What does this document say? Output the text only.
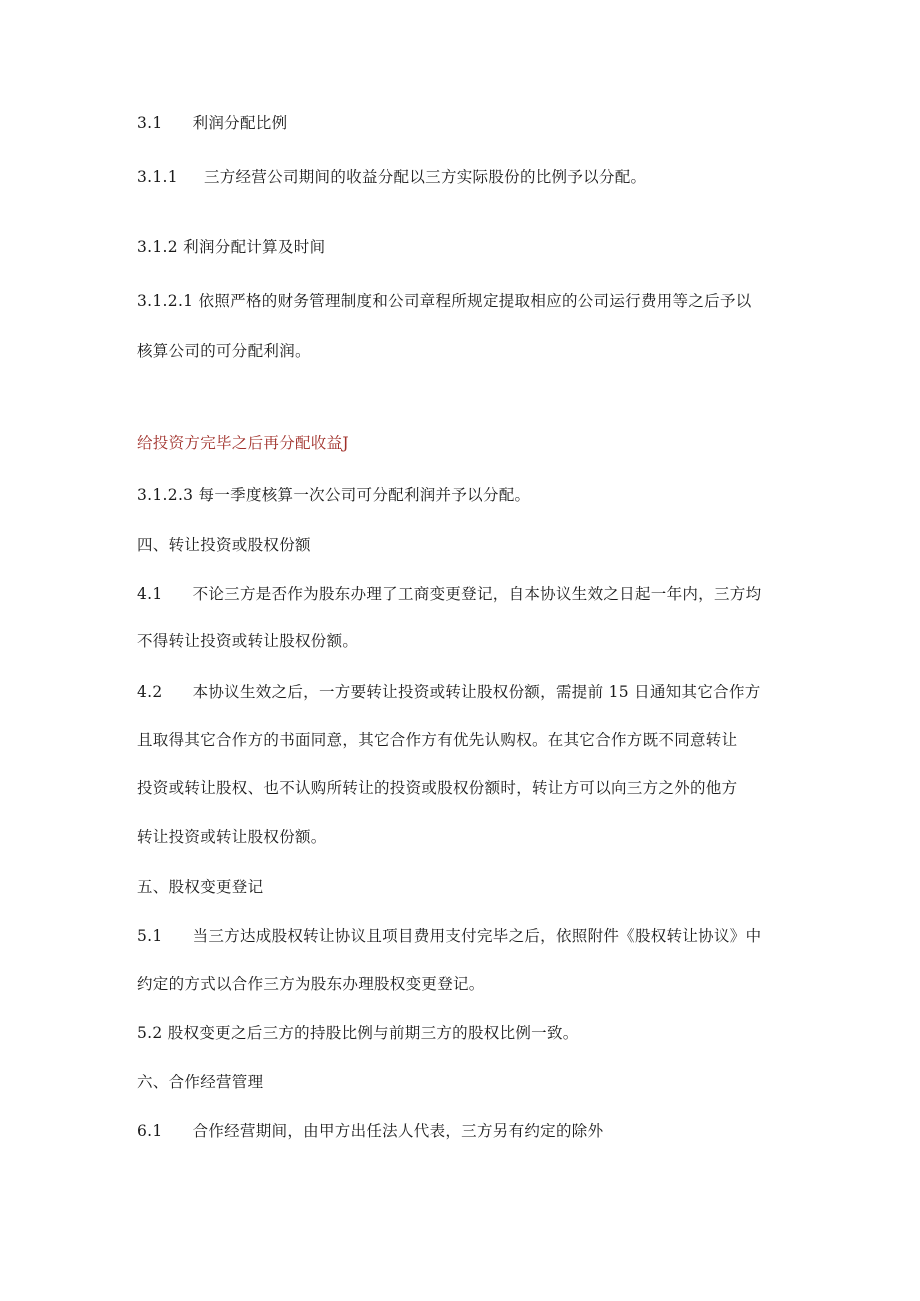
3.1 利润分配比例
3.1.1 三方经营公司期间的收益分配以三方实际股份的比例予以分配。
3.1.2 利润分配计算及时间
3.1.2.1 依照严格的财务管理制度和公司章程所规定提取相应的公司运行费用等之后予以
核算公司的可分配利润。
给投资方完毕之后再分配收益J
3.1.2.3 每一季度核算一次公司可分配利润并予以分配。
四、转让投资或股权份额
4.1 不论三方是否作为股东办理了工商变更登记，自本协议生效之日起一年内，三方均
不得转让投资或转让股权份额。
4.2 本协议生效之后，一方要转让投资或转让股权份额，需提前 15 日通知其它合作方
且取得其它合作方的书面同意，其它合作方有优先认购权。在其它合作方既不同意转让
投资或转让股权、也不认购所转让的投资或股权份额时，转让方可以向三方之外的他方
转让投资或转让股权份额。
五、股权变更登记
5.1 当三方达成股权转让协议且项目费用支付完毕之后，依照附件《股权转让协议》中
约定的方式以合作三方为股东办理股权变更登记。
5.2 股权变更之后三方的持股比例与前期三方的股权比例一致。
六、合作经营管理
6.1 合作经营期间，由甲方出任法人代表，三方另有约定的除外
